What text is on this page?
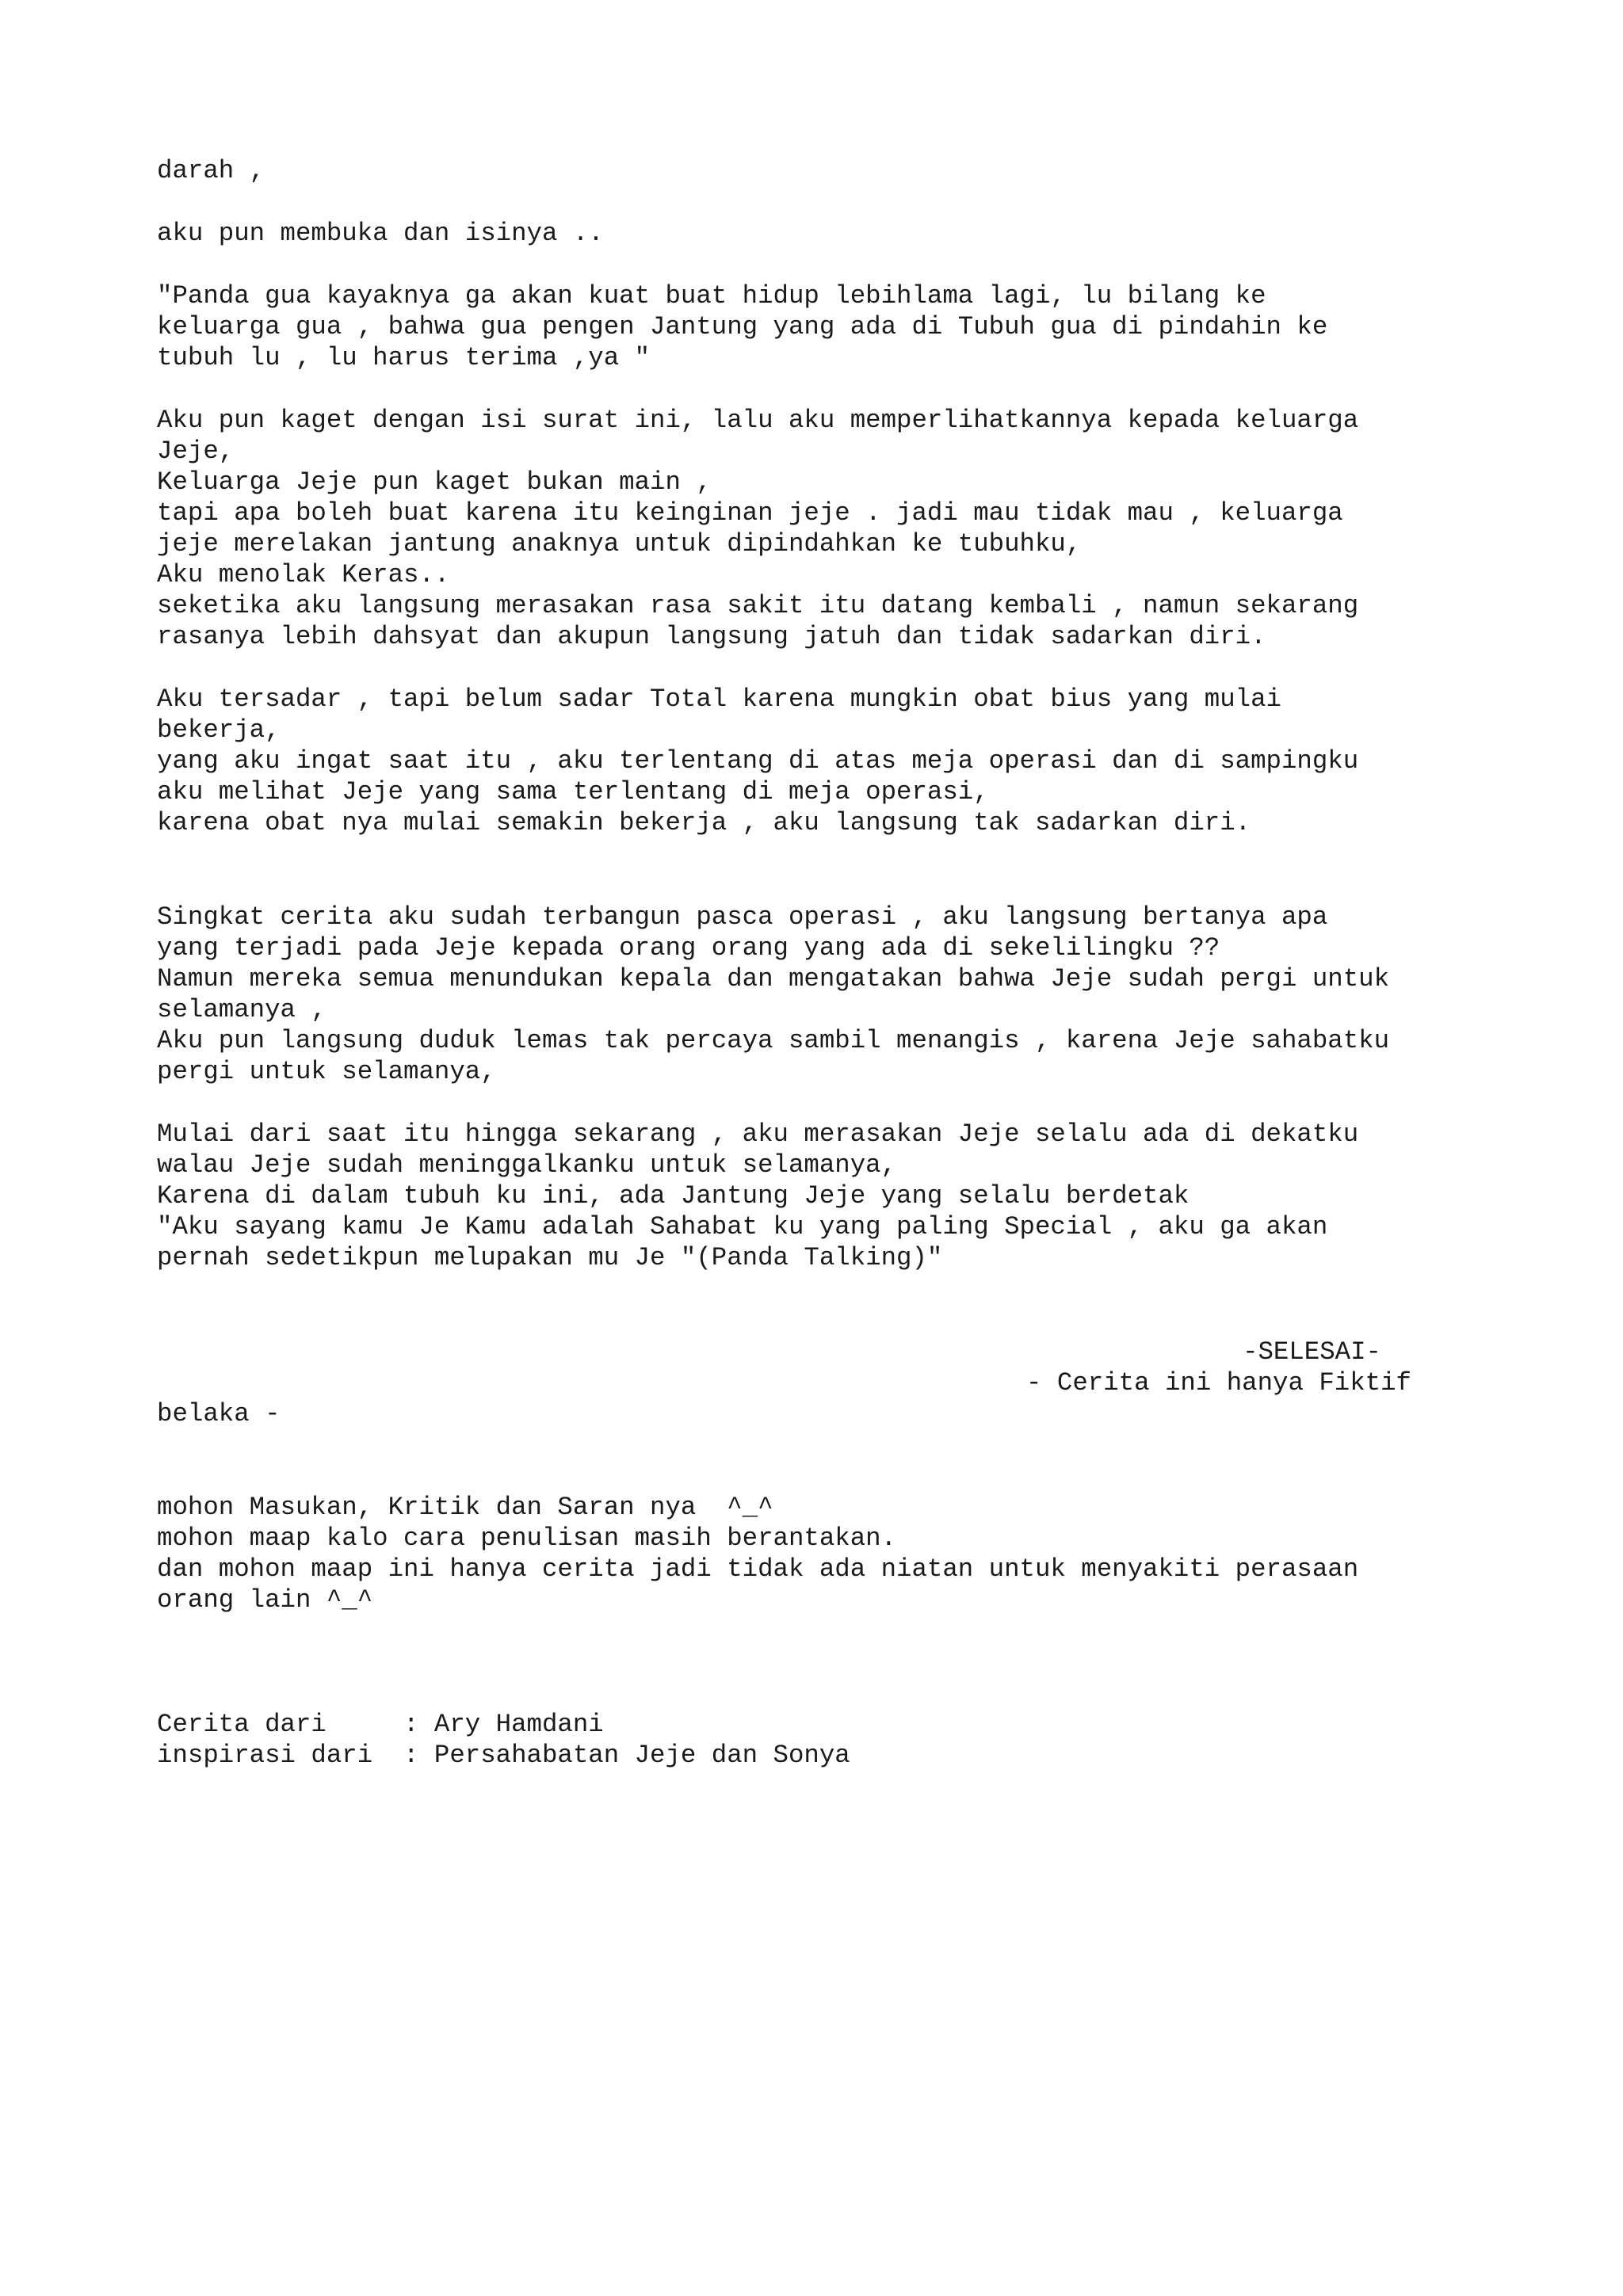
darah ,

aku pun membuka dan isinya ..

"Panda gua kayaknya ga akan kuat buat hidup lebihlama lagi, lu bilang ke

keluarga gua , bahwa gua pengen Jantung yang ada di Tubuh gua di pindahin ke

tubuh lu , lu harus terima ,ya "

Aku pun kaget dengan isi surat ini, lalu aku memperlihatkannya kepada keluarga

Jeje,

Keluarga Jeje pun kaget bukan main ,

tapi apa boleh buat karena itu keinginan jeje . jadi mau tidak mau , keluarga

jeje merelakan jantung anaknya untuk dipindahkan ke tubuhku,

Aku menolak Keras..

seketika aku langsung merasakan rasa sakit itu datang kembali , namun sekarang

rasanya lebih dahsyat dan akupun langsung jatuh dan tidak sadarkan diri.

Aku tersadar , tapi belum sadar Total karena mungkin obat bius yang mulai

bekerja,

yang aku ingat saat itu , aku terlentang di atas meja operasi dan di sampingku

aku melihat Jeje yang sama terlentang di meja operasi,

karena obat nya mulai semakin bekerja , aku langsung tak sadarkan diri.

Singkat cerita aku sudah terbangun pasca operasi , aku langsung bertanya apa

yang terjadi pada Jeje kepada orang orang yang ada di sekelilingku ??

Namun mereka semua menundukan kepala dan mengatakan bahwa Jeje sudah pergi untuk

selamanya ,

Aku pun langsung duduk lemas tak percaya sambil menangis , karena Jeje sahabatku

pergi untuk selamanya,

Mulai dari saat itu hingga sekarang , aku merasakan Jeje selalu ada di dekatku

walau Jeje sudah meninggalkanku untuk selamanya,

Karena di dalam tubuh ku ini, ada Jantung Jeje yang selalu berdetak

"Aku sayang kamu Je Kamu adalah Sahabat ku yang paling Special , aku ga akan

pernah sedetikpun melupakan mu Je "(Panda Talking)"

-SELESAI-

- Cerita ini hanya Fiktif

belaka -

mohon Masukan, Kritik dan Saran nya  ^_^

mohon maap kalo cara penulisan masih berantakan.

dan mohon maap ini hanya cerita jadi tidak ada niatan untuk menyakiti perasaan

orang lain ^_^

Cerita dari     : Ary Hamdani

inspirasi dari  : Persahabatan Jeje dan Sonya
